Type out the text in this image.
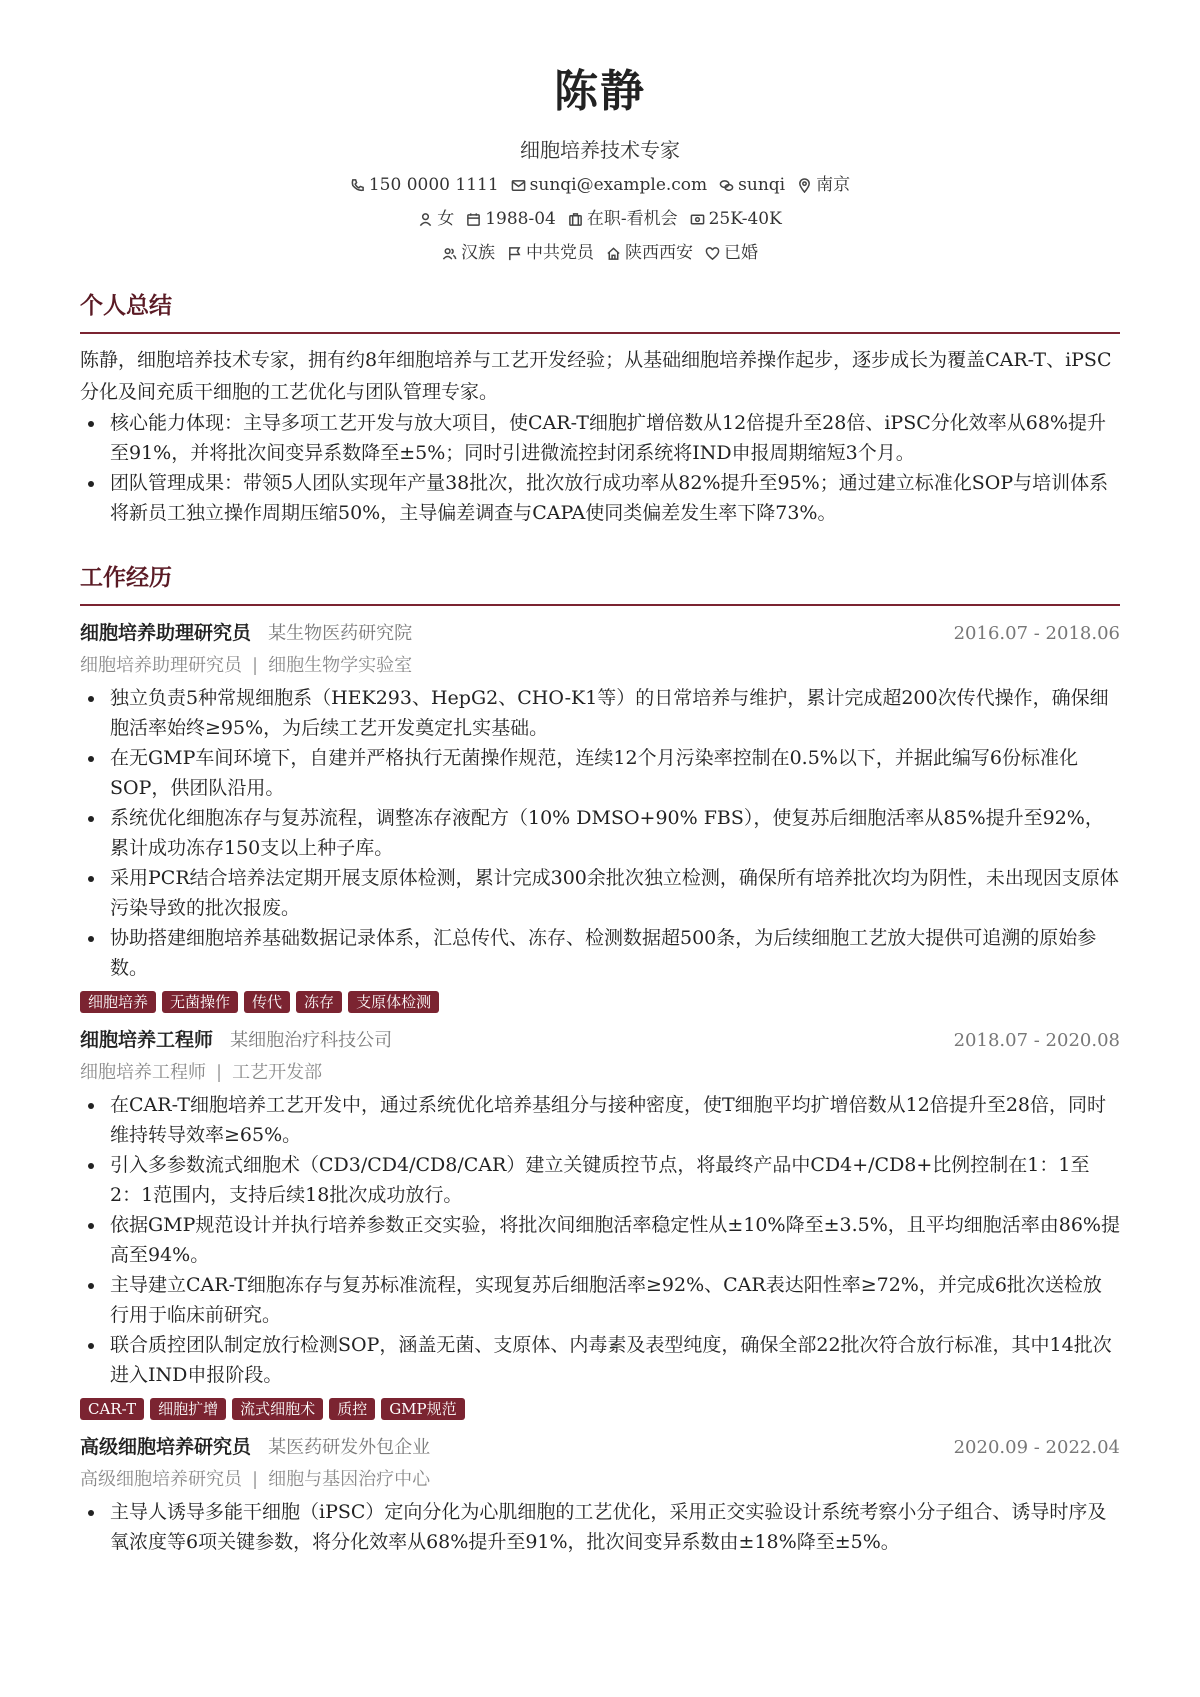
陈静
细胞培养技术专家
150 0000 1111 sunqi@example.com sunqi 南京
女 1988-04 在职-看机会 25K-40K
汉族 中共党员 陕西西安 已婚
个人总结
陈静，细胞培养技术专家，拥有约8年细胞培养与工艺开发经验；从基础细胞培养操作起步，逐步成长为覆盖CAR-T、iPSC分化及间充质干细胞的工艺优化与团队管理专家。
核心能力体现：主导多项工艺开发与放大项目，使CAR-T细胞扩增倍数从12倍提升至28倍、iPSC分化效率从68%提升至91%，并将批次间变异系数降至±5%；同时引进微流控封闭系统将IND申报周期缩短3个月。
团队管理成果：带领5人团队实现年产量38批次，批次放行成功率从82%提升至95%；通过建立标准化SOP与培训体系将新员工独立操作周期压缩50%，主导偏差调查与CAPA使同类偏差发生率下降73%。
工作经历
细胞培养助理研究员 某生物医药研究院	2016.07 - 2018.06
细胞培养助理研究员 | 细胞生物学实验室
独立负责5种常规细胞系（HEK293、HepG2、CHO-K1等）的日常培养与维护，累计完成超200次传代操作，确保细胞活率始终≥95%，为后续工艺开发奠定扎实基础。
在无GMP车间环境下，自建并严格执行无菌操作规范，连续12个月污染率控制在0.5%以下，并据此编写6份标准化SOP，供团队沿用。
系统优化细胞冻存与复苏流程，调整冻存液配方（10% DMSO+90% FBS），使复苏后细胞活率从85%提升至92%，累计成功冻存150支以上种子库。
采用PCR结合培养法定期开展支原体检测，累计完成300余批次独立检测，确保所有培养批次均为阴性，未出现因支原体污染导致的批次报废。
协助搭建细胞培养基础数据记录体系，汇总传代、冻存、检测数据超500条，为后续细胞工艺放大提供可追溯的原始参数。
细胞培养	无菌操作	传代	冻存	支原体检测
细胞培养工程师 某细胞治疗科技公司	2018.07 - 2020.08
细胞培养工程师 | 工艺开发部
在CAR-T细胞培养工艺开发中，通过系统优化培养基组分与接种密度，使T细胞平均扩增倍数从12倍提升至28倍，同时维持转导效率≥65%。
引入多参数流式细胞术（CD3/CD4/CD8/CAR）建立关键质控节点，将最终产品中CD4+/CD8+比例控制在1：1至2：1范围内，支持后续18批次成功放行。
依据GMP规范设计并执行培养参数正交实验，将批次间细胞活率稳定性从±10%降至±3.5%，且平均细胞活率由86%提高至94%。
主导建立CAR-T细胞冻存与复苏标准流程，实现复苏后细胞活率≥92%、CAR表达阳性率≥72%，并完成6批次送检放行用于临床前研究。
联合质控团队制定放行检测SOP，涵盖无菌、支原体、内毒素及表型纯度，确保全部22批次符合放行标准，其中14批次进入IND申报阶段。
CAR-T	细胞扩增	流式细胞术	质控	GMP规范
高级细胞培养研究员 某医药研发外包企业	2020.09 - 2022.04
高级细胞培养研究员 | 细胞与基因治疗中心
主导人诱导多能干细胞（iPSC）定向分化为心肌细胞的工艺优化，采用正交实验设计系统考察小分子组合、诱导时序及氧浓度等6项关键参数，将分化效率从68%提升至91%，批次间变异系数由±18%降至±5%。
